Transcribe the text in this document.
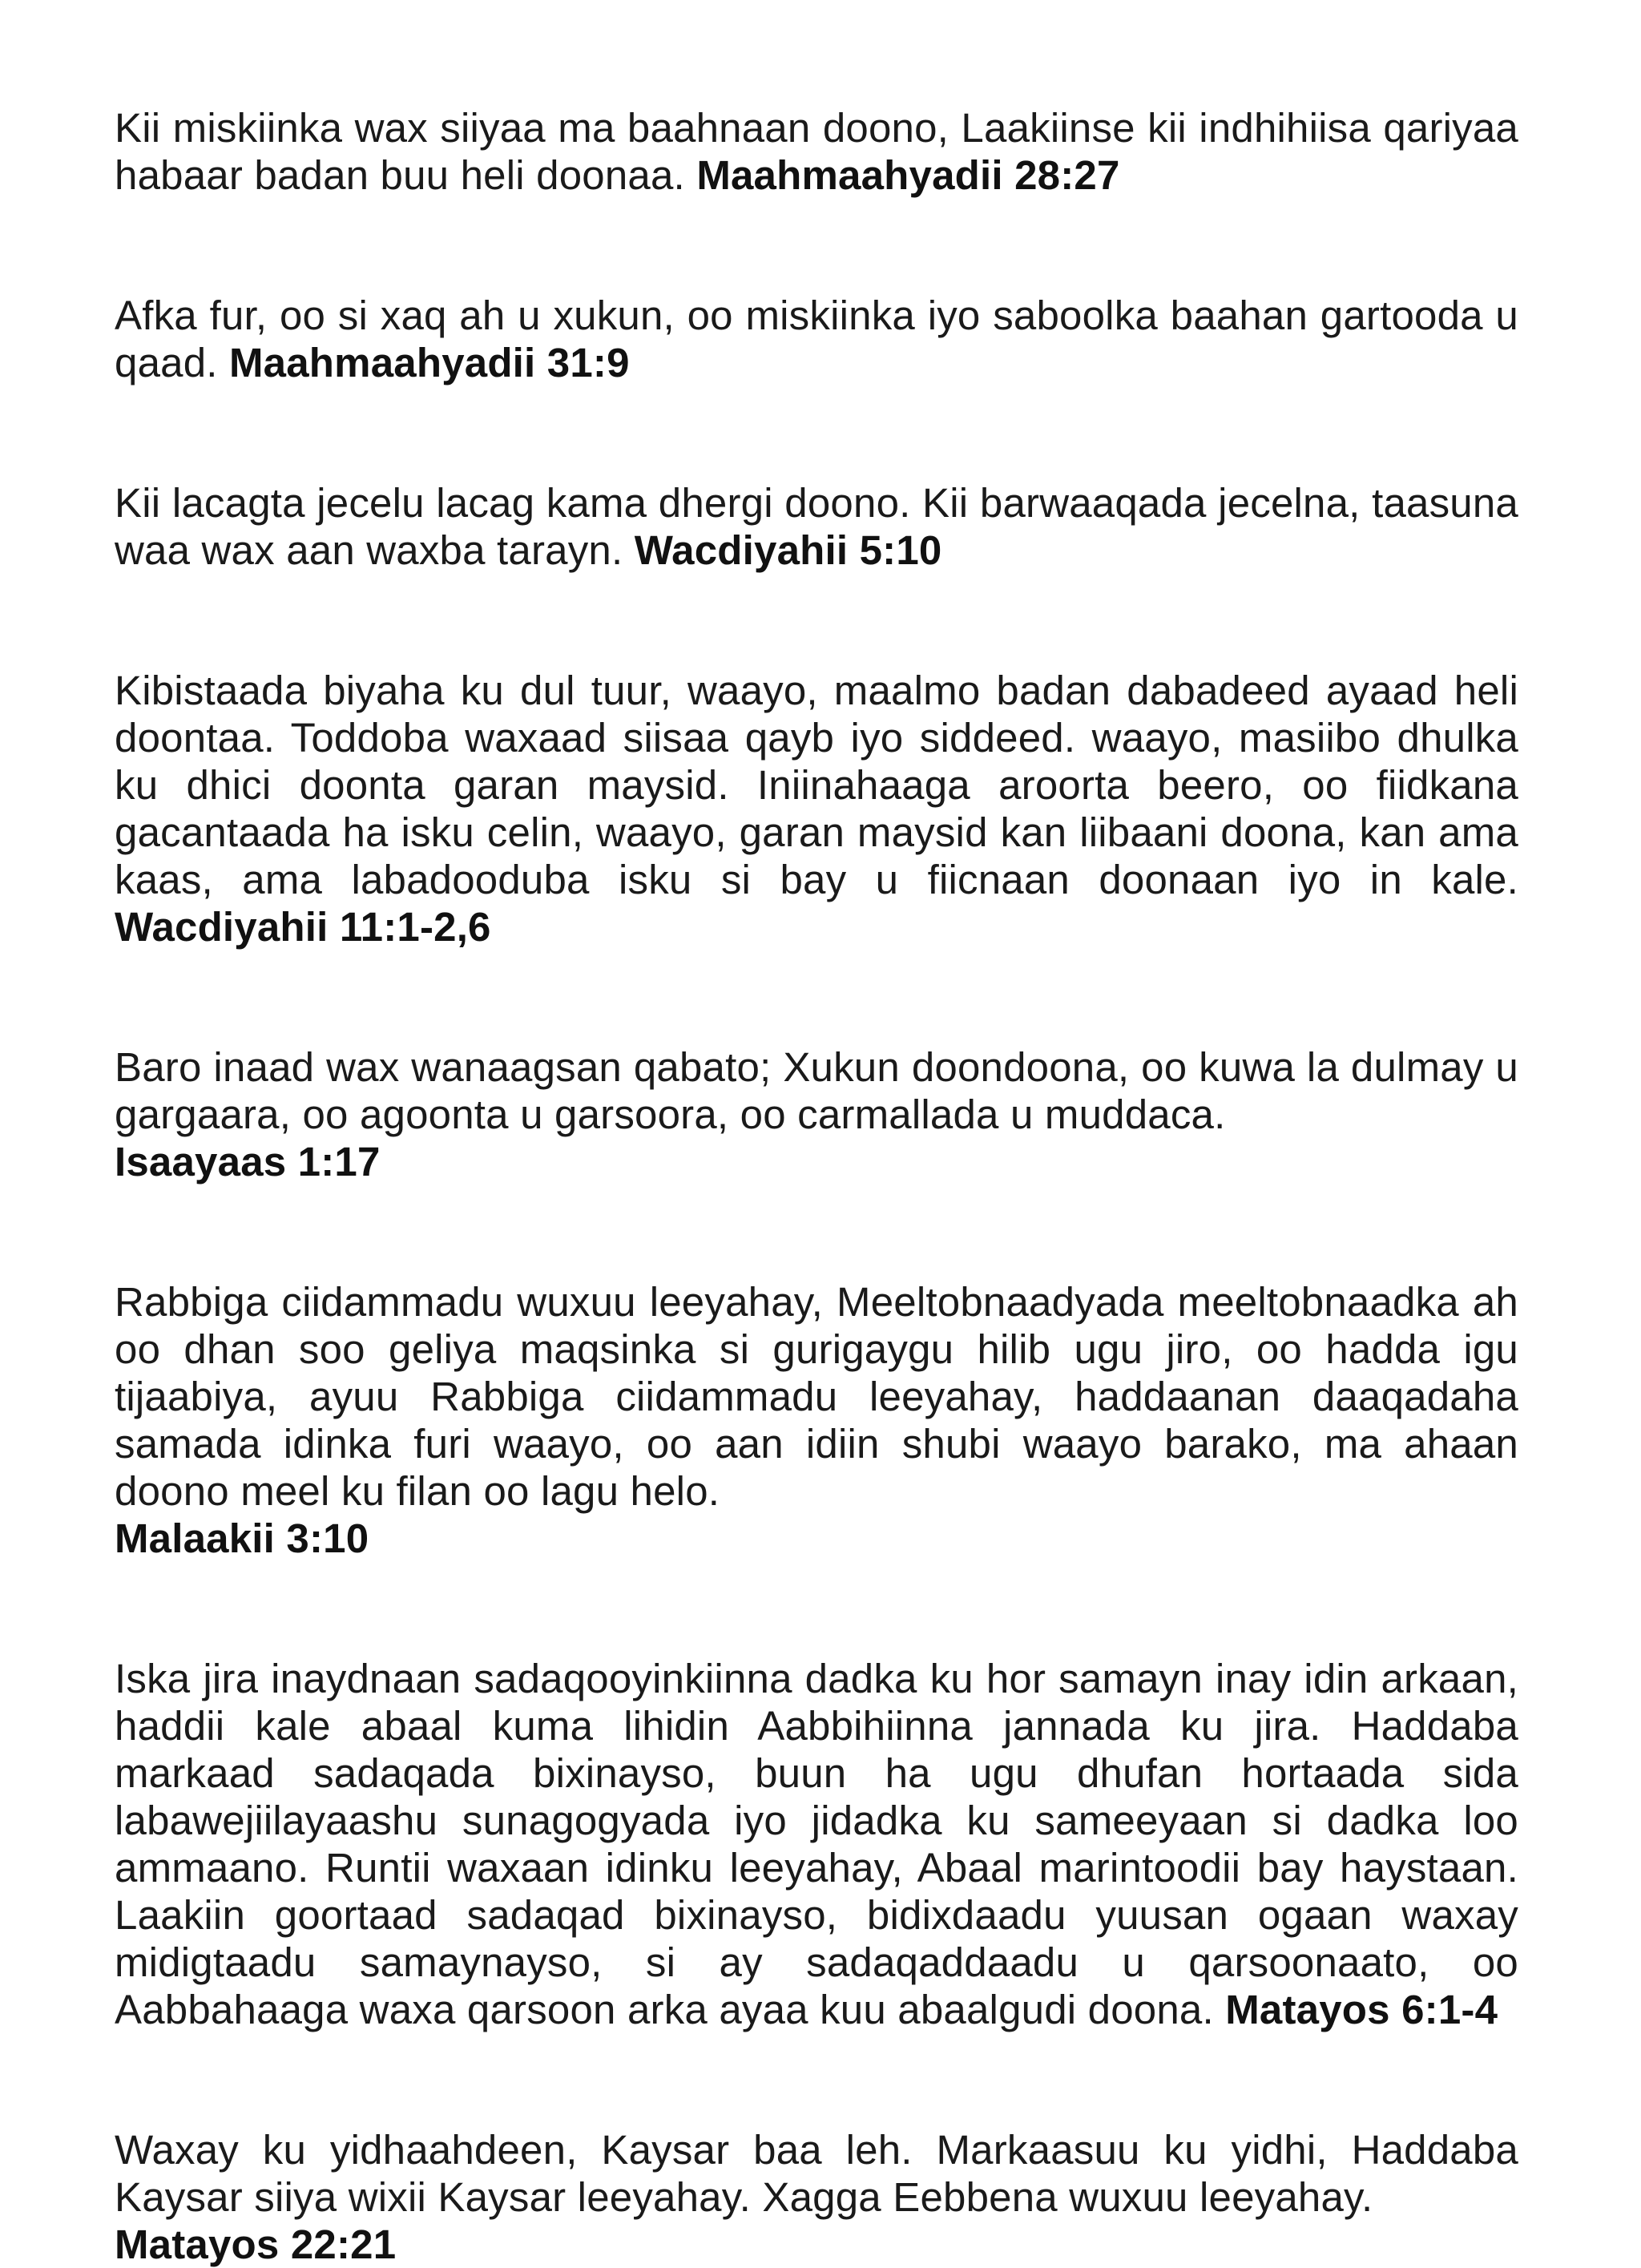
Kii miskiinka wax siiyaa ma baahnaan doono, Laakiinse kii indhihiisa qariyaa habaar badan buu heli doonaa. Maahmaahyadii 28:27

Afka fur, oo si xaq ah u xukun, oo miskiinka iyo saboolka baahan gartooda u qaad. Maahmaahyadii 31:9

Kii lacagta jecelu lacag kama dhergi doono. Kii barwaaqada jecelna, taasuna waa wax aan waxba tarayn. Wacdiyahii 5:10

Kibistaada biyaha ku dul tuur, waayo, maalmo badan dabadeed ayaad heli doontaa. Toddoba waxaad siisaa qayb iyo siddeed. waayo, masiibo dhulka ku dhici doonta garan maysid. Iniinahaaga aroorta beero, oo fiidkana gacantaada ha isku celin, waayo, garan maysid kan liibaani doona, kan ama kaas, ama labadooduba isku si bay u fiicnaan doonaan iyo in kale. Wacdiyahii 11:1-2,6

Baro inaad wax wanaagsan qabato; Xukun doondoona, oo kuwa la dulmay u gargaara, oo agoonta u garsoora, oo carmallada u muddaca.
Isaayaas 1:17

Rabbiga ciidammadu wuxuu leeyahay, Meeltobnaadyada meeltobnaadka ah oo dhan soo geliya maqsinka si gurigaygu hilib ugu jiro, oo hadda igu tijaabiya, ayuu Rabbiga ciidammadu leeyahay, haddaanan daaqadaha samada idinka furi waayo, oo aan idiin shubi waayo barako, ma ahaan doono meel ku filan oo lagu helo.
Malaakii 3:10

Iska jira inaydnaan sadaqooyinkiinna dadka ku hor samayn inay idin arkaan, haddii kale abaal kuma lihidin Aabbihiinna jannada ku jira. Haddaba markaad sadaqada bixinayso, buun ha ugu dhufan hortaada sida labawejiilayaashu sunagogyada iyo jidadka ku sameeyaan si dadka loo ammaano. Runtii waxaan idinku leeyahay, Abaal marintoodii bay haystaan. Laakiin goortaad sadaqad bixinayso, bidixdaadu yuusan ogaan waxay midigtaadu samaynayso, si ay sadaqaddaadu u qarsoonaato, oo Aabbahaaga waxa qarsoon arka ayaa kuu abaalgudi doona. Matayos 6:1-4

Waxay ku yidhaahdeen, Kaysar baa leh. Markaasuu ku yidhi, Haddaba Kaysar siiya wixii Kaysar leeyahay. Xagga Eebbena wuxuu leeyahay.
Matayos 22:21
